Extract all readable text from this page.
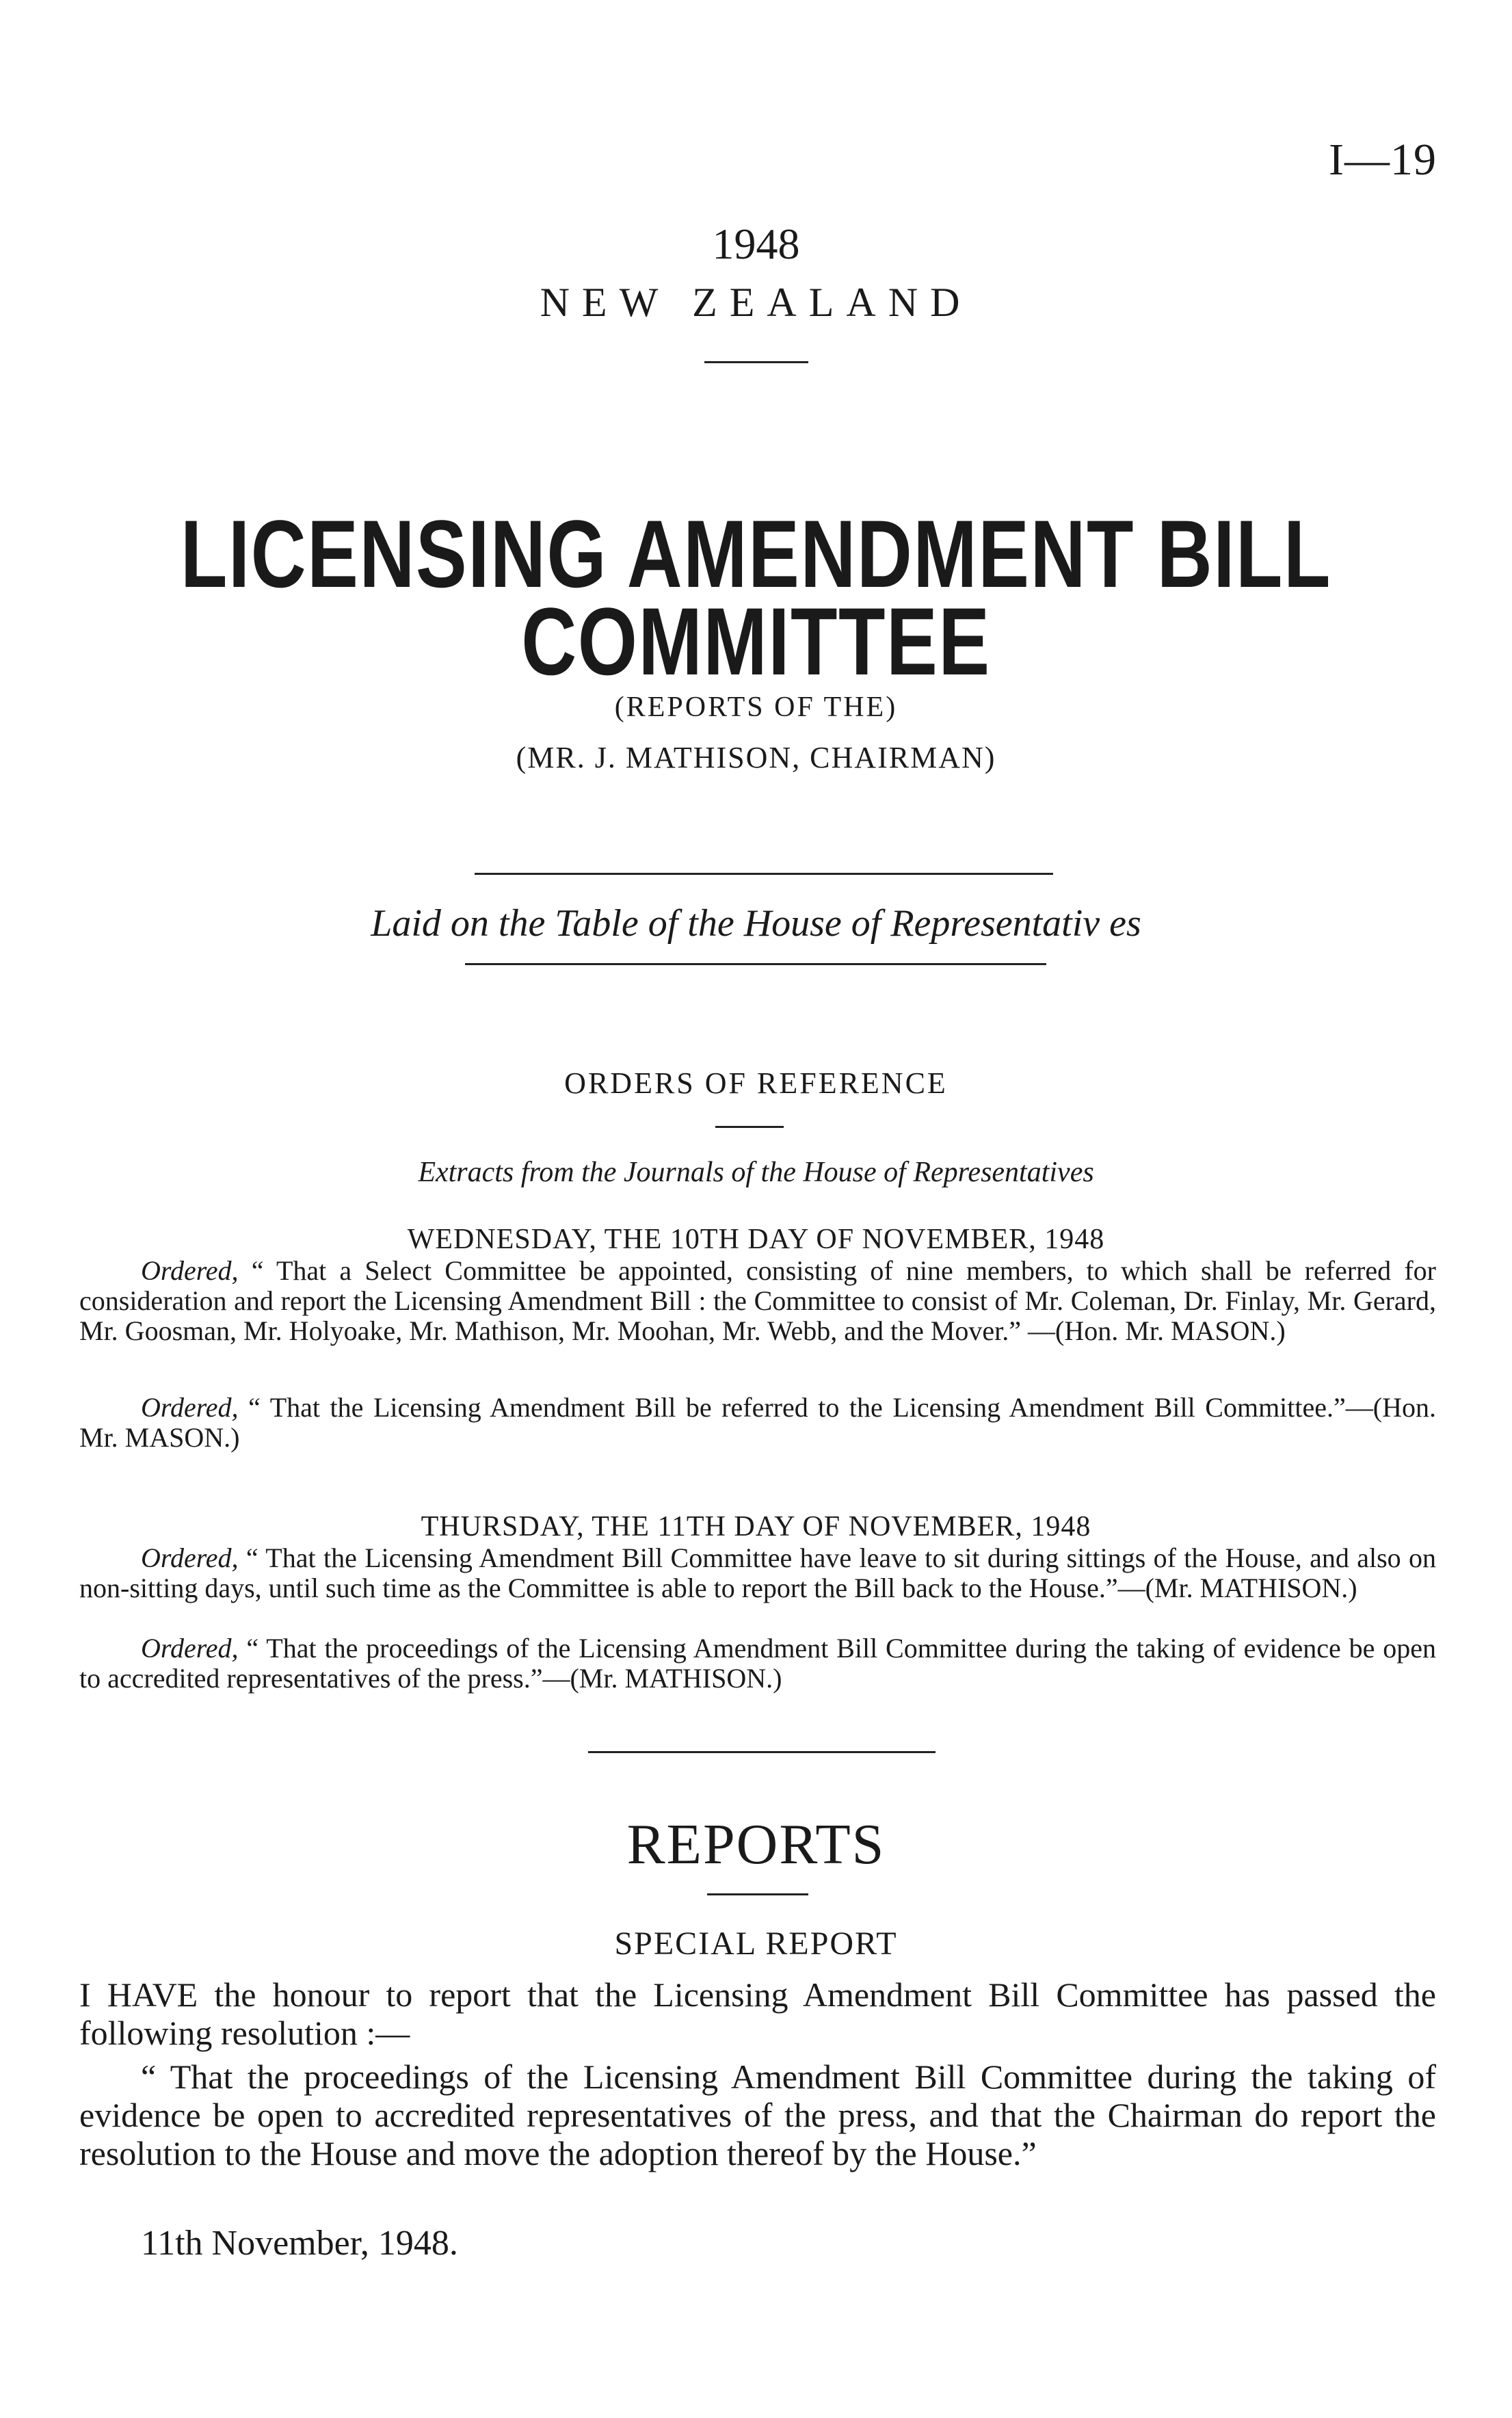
I—19
1948
NEW ZEALAND
LICENSING AMENDMENT BILL
COMMITTEE
(REPORTS OF THE)
(MR. J. MATHISON, CHAIRMAN)
Laid on the Table of the House of Representativ es
ORDERS OF REFERENCE
Extracts from the Journals of the House of Representatives
WEDNESDAY, THE 10TH DAY OF NOVEMBER, 1948
Ordered, “ That a Select Committee be appointed, consisting of nine members, to which shall be referred for consideration and report the Licensing Amendment Bill : the Committee to consist of Mr. Coleman, Dr. Finlay, Mr. Gerard, Mr. Goosman, Mr. Holyoake, Mr. Mathison, Mr. Moohan, Mr. Webb, and the Mover.” —(Hon. Mr. MASON.)
Ordered, “ That the Licensing Amendment Bill be referred to the Licensing Amendment Bill Committee.”—(Hon. Mr. MASON.)
THURSDAY, THE 11TH DAY OF NOVEMBER, 1948
Ordered, “ That the Licensing Amendment Bill Committee have leave to sit during sittings of the House, and also on non-sitting days, until such time as the Committee is able to report the Bill back to the House.”—(Mr. MATHISON.)
Ordered, “ That the proceedings of the Licensing Amendment Bill Committee during the taking of evidence be open to accredited representatives of the press.”—(Mr. MATHISON.)
REPORTS
SPECIAL REPORT
I HAVE the honour to report that the Licensing Amendment Bill Committee has passed the following resolution :—
“ That the proceedings of the Licensing Amendment Bill Committee during the taking of evidence be open to accredited representatives of the press, and that the Chairman do report the resolution to the House and move the adoption thereof by the House.”
11th November, 1948.
